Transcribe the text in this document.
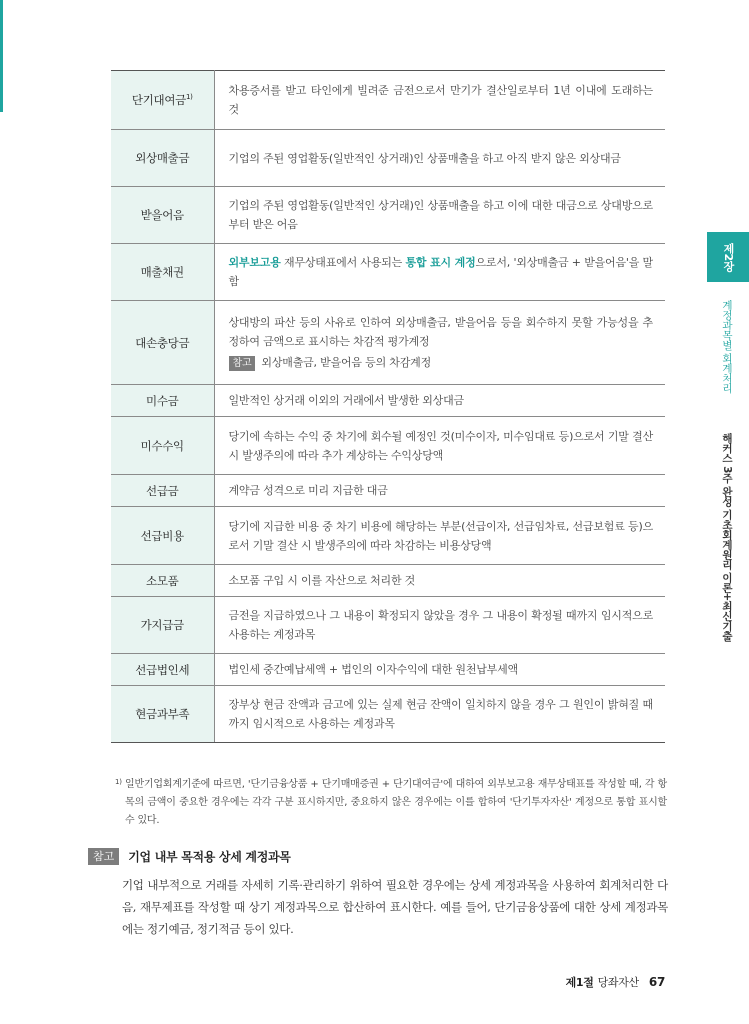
단기대여금$^{1)}$	차용증서를 받고 타인에게 빌려준 금전으로서 만기가 결산일로부터 1년 이내에 도래하는 것
외상매출금	기업의 주된 영업활동(일반적인 상거래)인 상품매출을 하고 아직 받지 않은 외상대금
받을어음	기업의 주된 영업활동(일반적인 상거래)인 상품매출을 하고 이에 대한 대금으로 상대방으로부터 받은 어음
매출채권	외부보고용 재무상태표에서 사용되는 통합 표시 계정으로서, '외상매출금 + 받을어음'을 말함
대손충당금	상대방의 파산 등의 사유로 인하여 외상매출금, 받을어음 등을 회수하지 못할 가능성을 추정하여 금액으로 표시하는 차감적 평가계정
참고 외상매출금, 받을어음 등의 차감계정

미수금	일반적인 상거래 이외의 거래에서 발생한 외상대금
미수수익	당기에 속하는 수익 중 차기에 회수될 예정인 것(미수이자, 미수임대료 등)으로서 기말 결산 시 발생주의에 따라 추가 계상하는 수익상당액
선급금	계약금 성격으로 미리 지급한 대금
선급비용	당기에 지급한 비용 중 차기 비용에 해당하는 부분(선급이자, 선급임차료, 선급보험료 등)으로서 기말 결산 시 발생주의에 따라 차감하는 비용상당액
소모품	소모품 구입 시 이를 자산으로 처리한 것
가지급금	금전을 지급하였으나 그 내용이 확정되지 않았을 경우 그 내용이 확정될 때까지 임시적으로 사용하는 계정과목
선급법인세	법인세 중간예납세액 + 법인의 이자수익에 대한 원천납부세액
현금과부족	장부상 현금 잔액과 금고에 있는 실제 현금 잔액이 일치하지 않을 경우 그 원인이 밝혀질 때까지 임시적으로 사용하는 계정과목
1) 일반기업회계기준에 따르면, '단기금융상품 + 단기매매증권 + 단기대여금'에 대하여 외부보고용 재무상태표를 작성할 때, 각 항목의 금액이 중요한 경우에는 각각 구분 표시하지만, 중요하지 않은 경우에는 이를 합하여 '단기투자자산' 계정으로 통합 표시할 수 있다.
참고	기업 내부 목적용 상세 계정과목
기업 내부적으로 거래를 자세히 기록·관리하기 위하여 필요한 경우에는 상세 계정과목을 사용하여 회계처리한 다음, 재무제표를 작성할 때 상기 계정과목으로 합산하여 표시한다. 예를 들어, 단기금융상품에 대한 상세 계정과목에는 정기예금, 정기적금 등이 있다.
제2장
계정과목별 회계처리
해커스 3주 완성 기초회계원리 이론+최신기출
제1절 당좌자산 67
